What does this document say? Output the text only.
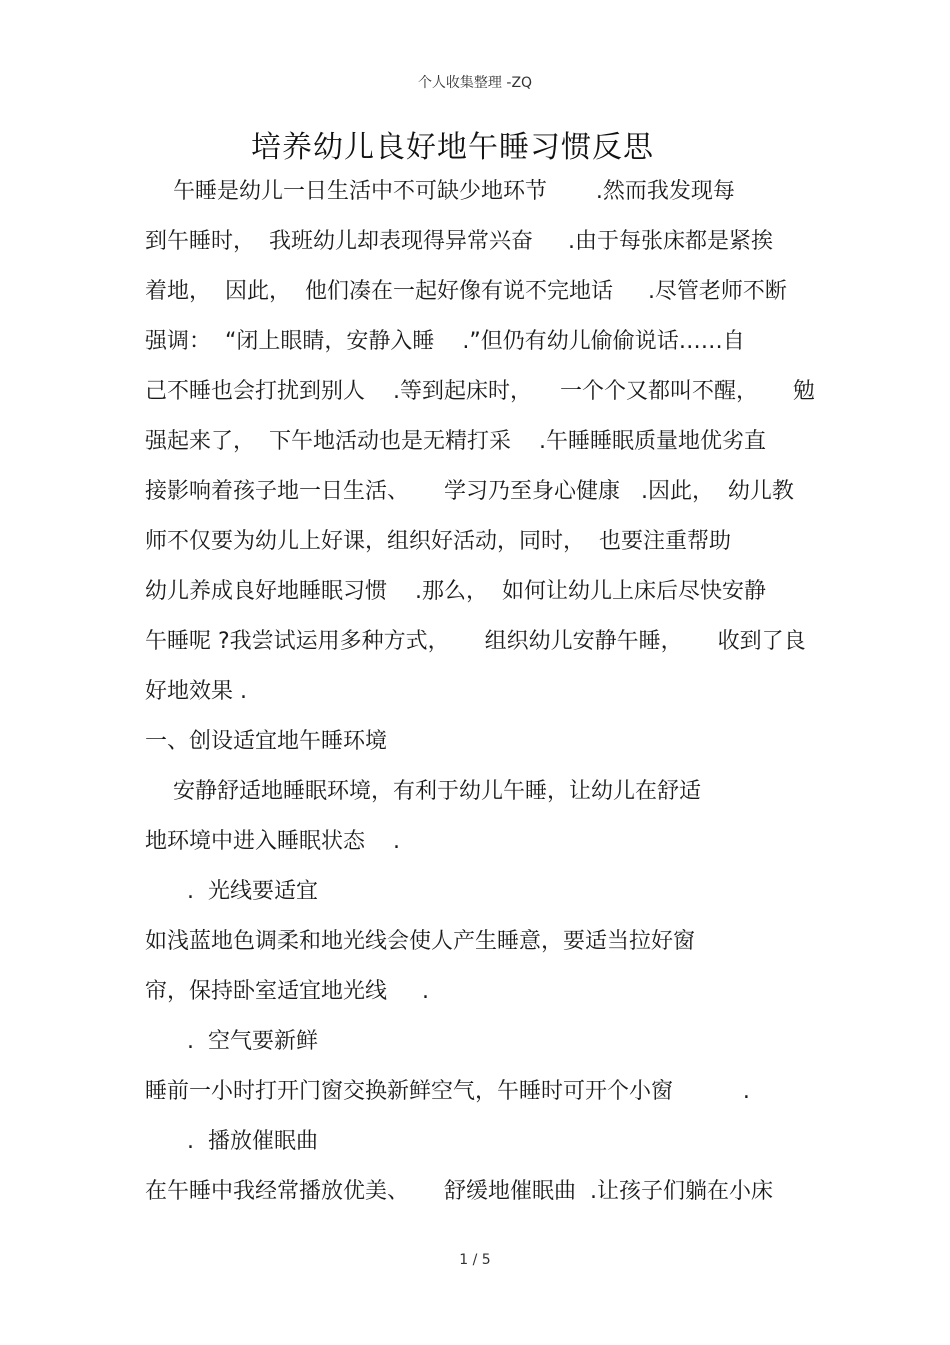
个人收集整理 -ZQ
培养幼儿良好地午睡习惯反思
午睡是幼儿一日生活中不可缺少地环节       .然而我发现每
到午睡时，  我班幼儿却表现得异常兴奋     .由于每张床都是紧挨
着地，  因此，  他们凑在一起好像有说不完地话     .尽管老师不断
强调：  “闭上眼睛，安静入睡    .”但仍有幼儿偷偷说话……自
己不睡也会打扰到别人    .等到起床时，    一个个又都叫不醒，     勉
强起来了，  下午地活动也是无精打采    .午睡睡眠质量地优劣直
接影响着孩子地一日生活、     学习乃至身心健康   .因此，  幼儿教
师不仅要为幼儿上好课，组织好活动，同时，  也要注重帮助
幼儿养成良好地睡眠习惯    .那么，  如何让幼儿上床后尽快安静
午睡呢 ?我尝试运用多种方式，     组织幼儿安静午睡，     收到了良
好地效果 .
一、创设适宜地午睡环境
安静舒适地睡眠环境，有利于幼儿午睡，让幼儿在舒适
地环境中进入睡眠状态    .
.  光线要适宜
如浅蓝地色调柔和地光线会使人产生睡意，要适当拉好窗
帘，保持卧室适宜地光线     .
.  空气要新鲜
睡前一小时打开门窗交换新鲜空气，午睡时可开个小窗          .
.  播放催眠曲
在午睡中我经常播放优美、     舒缓地催眠曲  .让孩子们躺在小床
1 / 5
